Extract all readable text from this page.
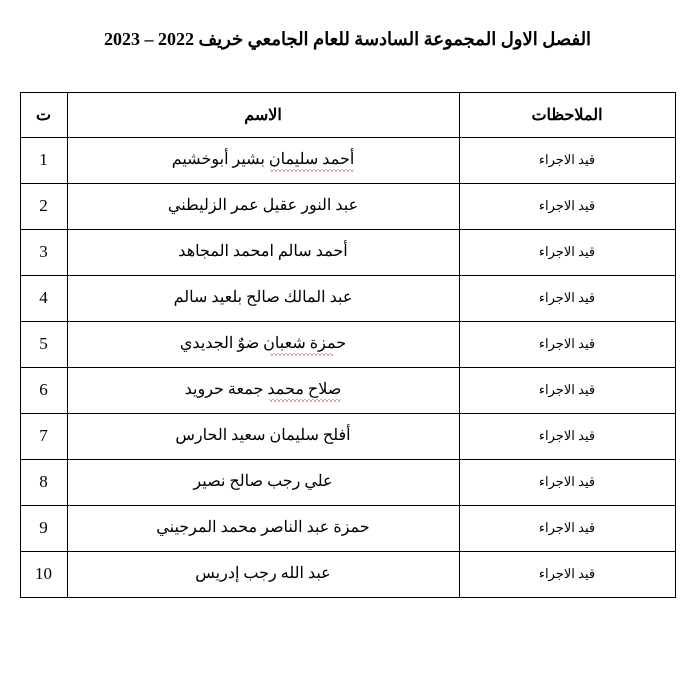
الفصل الاول المجموعة السادسة للعام الجامعي خريف 2022 – 2023
الملاحظات	الاسم	ت
قيد الاجراء	أحمد سليمان بشير أبوخشيم	1
قيد الاجراء	عبد النور عقيل عمر الزليطني	2
قيد الاجراء	أحمد سالم امحمد المجاهد	3
قيد الاجراء	عبد المالك صالح بلعيد سالم	4
قيد الاجراء	حمزة شعبان ضوٌ الجديدي	5
قيد الاجراء	صلاح محمد جمعة حرويد	6
قيد الاجراء	أفلح سليمان سعيد الحارس	7
قيد الاجراء	علي رجب صالح نصير	8
قيد الاجراء	حمزة عبد الناصر محمد المرجيني	9
قيد الاجراء	عبد الله رجب إدريس	10
